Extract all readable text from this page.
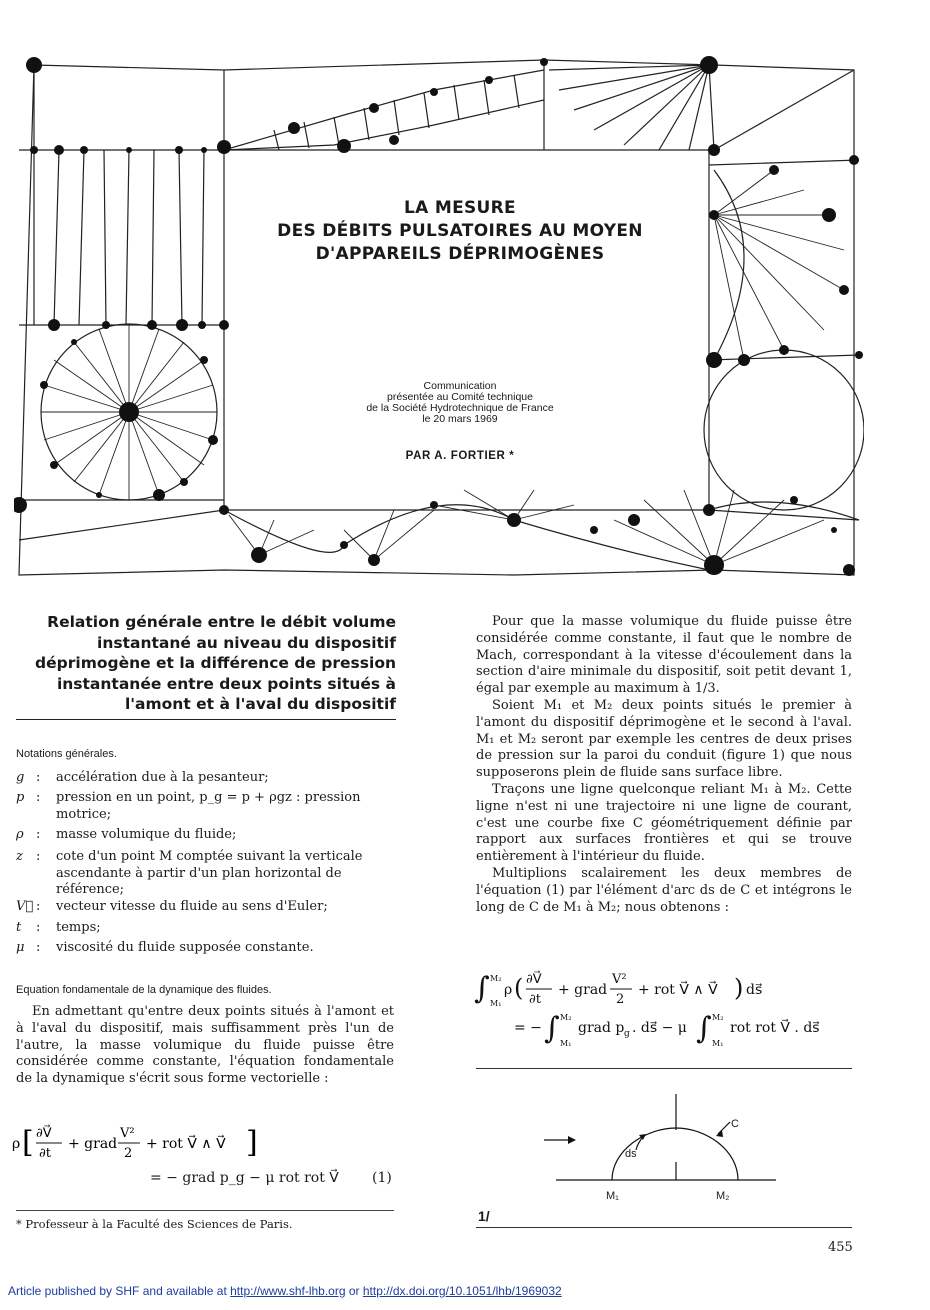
LA MESURE
DES DÉBITS PULSATOIRES AU MOYEN
D'APPAREILS DÉPRIMOGÈNES
Communication
présentée au Comité technique
de la Société Hydrotechnique de France
le 20 mars 1969
PAR A. FORTIER *

Relation générale entre le débit volume instantané au niveau du dispositif déprimogène et la différence de pression instantanée entre deux points situés à l'amont et à l'aval du dispositif

Notations générales.
g : accélération due à la pesanteur;
p : pression en un point, p_g = p + ρgz : pression motrice;
ρ : masse volumique du fluide;
z	: cote d'un point M comptée suivant la verticale ascendante à partir d'un plan horizontal de référence;
V⃗ : vecteur vitesse du fluide au sens d'Euler;
t	: temps;
μ : viscosité du fluide supposée constante.
Equation fondamentale de la dynamique des fluides.

En admettant qu'entre deux points situés à l'amont et à l'aval du dispositif, mais suffisamment près l'un de l'autre, la masse volumique du fluide puisse être considérée comme constante, l'équation fondamentale de la dynamique s'écrit sous forme vectorielle :

ρ [ ∂V⃗
∂t
+ grad
V²
2
+ rot V⃗ ∧ V⃗ ]
= − grad p_g − μ rot rot V⃗ (1)
* Professeur à la Faculté des Sciences de Paris.

Pour que la masse volumique du fluide puisse être considérée comme constante, il faut que le nombre de Mach, correspondant à la vitesse d'écoulement dans la section d'aire minimale du dispositif, soit petit devant 1, égal par exemple au maximum à 1/3.

Soient M₁ et M₂ deux points situés le premier à l'amont du dispositif déprimogène et le second à l'aval. M₁ et M₂ seront par exemple les centres de deux prises de pression sur la paroi du conduit (figure 1) que nous supposerons plein de fluide sans surface libre.

Traçons une ligne quelconque reliant M₁ à M₂. Cette ligne n'est ni une trajectoire ni une ligne de courant, c'est une courbe fixe C géométriquement définie par rapport aux surfaces frontières et qui se trouve entièrement à l'intérieur du fluide.

Multiplions scalairement les deux membres de l'équation (1) par l'élément d'arc ds de C et intégrons le long de C de M₁ à M₂; nous obtenons :

∫ M₂
M₁
ρ ( ∂V⃗
∂t
+ grad
V²
2
+ rot V⃗ ∧ V⃗ ) ds⃗
= − ∫ M₂
M₁
grad p g . ds⃗ − μ ∫ M₂
M₁
rot rot V⃗ . ds⃗
C
ds
M₁	M₂
1/
455
Article published by SHF and available at http://www.shf-lhb.org or http://dx.doi.org/10.1051/lhb/1969032
